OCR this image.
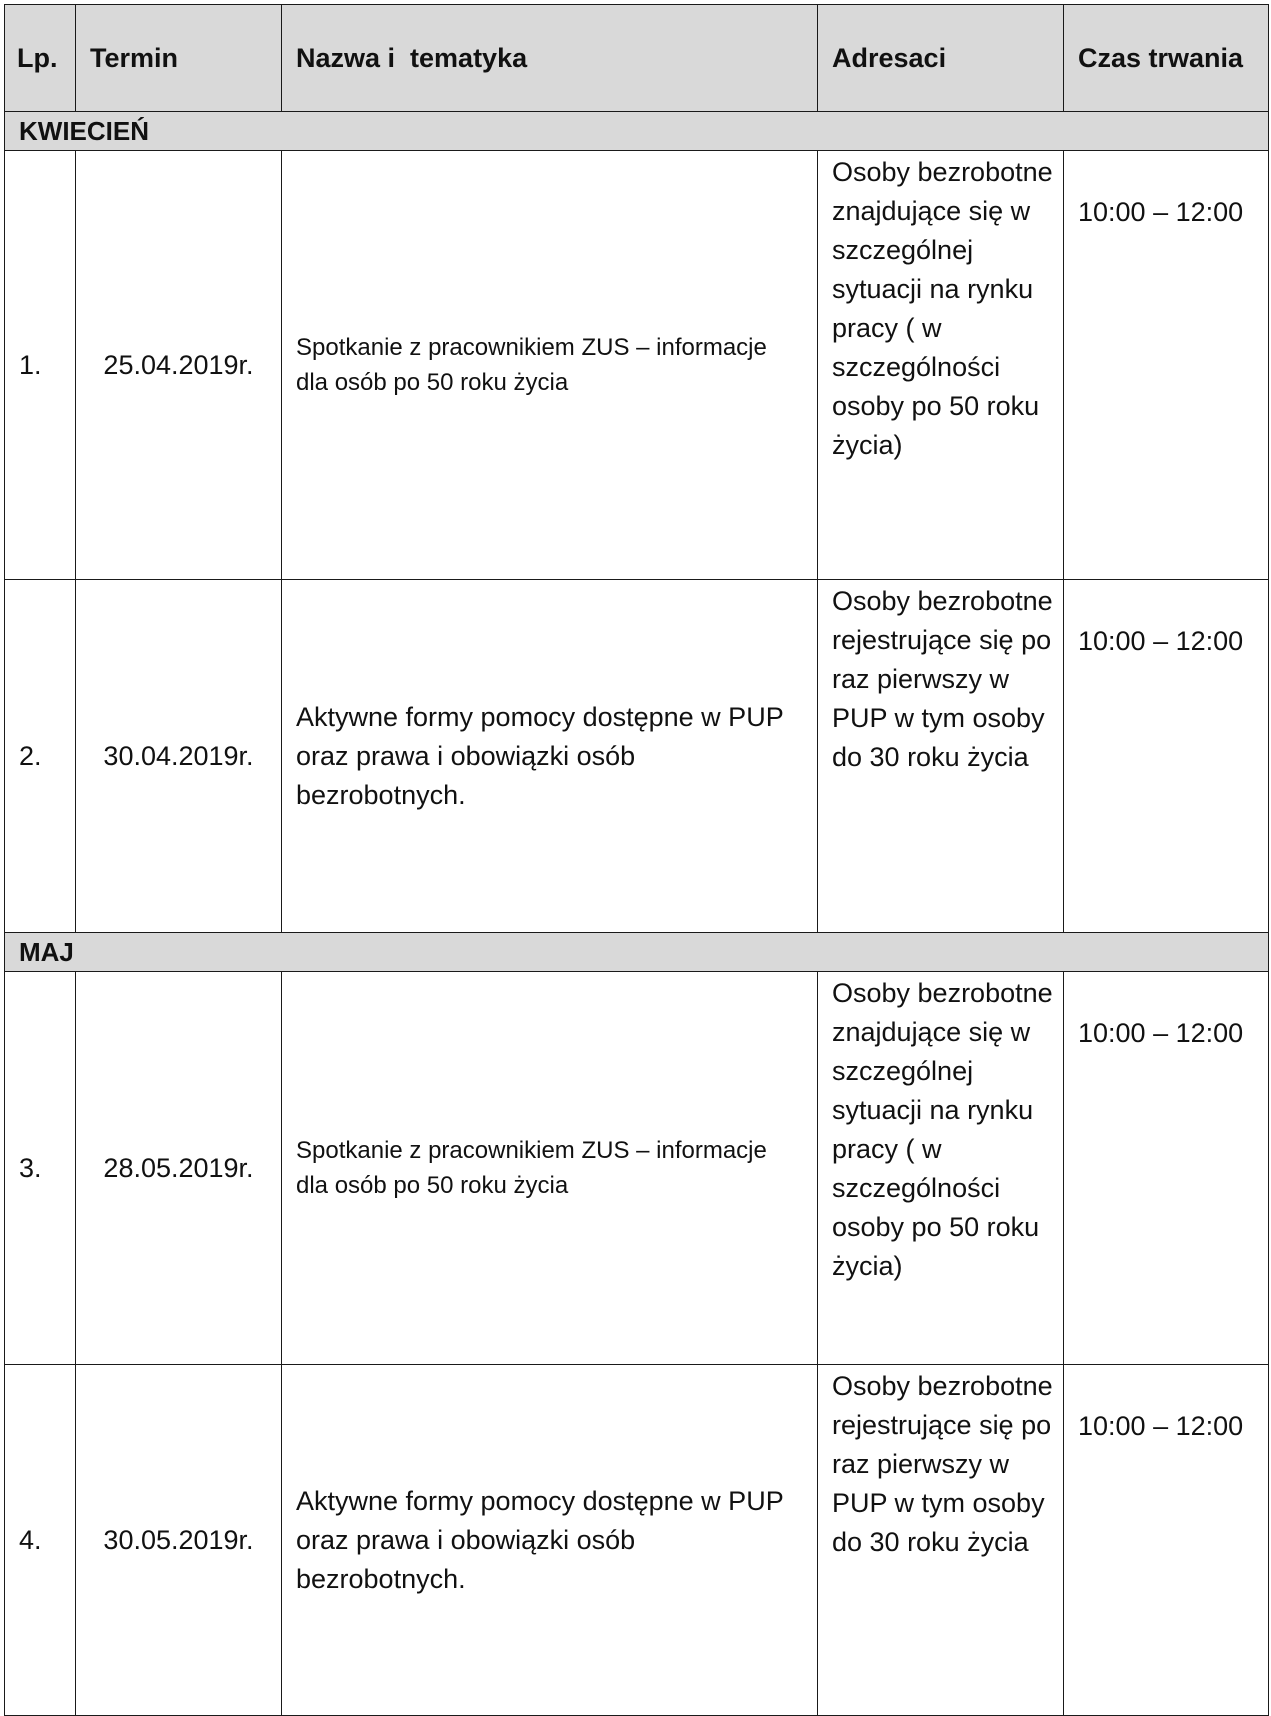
Lp.	Termin	Nazwa i  tematyka	Adresaci	Czas trwania
KWIECIEŃ				
1.	25.04.2019r.	Spotkanie z pracownikiem ZUS – informacje dla osób po 50 roku życia	Osoby bezrobotne znajdujące się w szczególnej sytuacji na rynku pracy ( w szczególności osoby po 50 roku życia)	10:00 – 12:00
2.	30.04.2019r.	Aktywne formy pomocy dostępne w PUP oraz prawa i obowiązki osób bezrobotnych.	Osoby bezrobotne rejestrujące się po raz pierwszy w PUP w tym osoby do 30 roku życia	10:00 – 12:00
MAJ				
3.	28.05.2019r.	Spotkanie z pracownikiem ZUS – informacje dla osób po 50 roku życia	Osoby bezrobotne znajdujące się w szczególnej sytuacji na rynku pracy ( w szczególności osoby po 50 roku życia)	10:00 – 12:00
4.	30.05.2019r.	Aktywne formy pomocy dostępne w PUP oraz prawa i obowiązki osób bezrobotnych.	Osoby bezrobotne rejestrujące się po raz pierwszy w PUP w tym osoby do 30 roku życia	10:00 – 12:00
